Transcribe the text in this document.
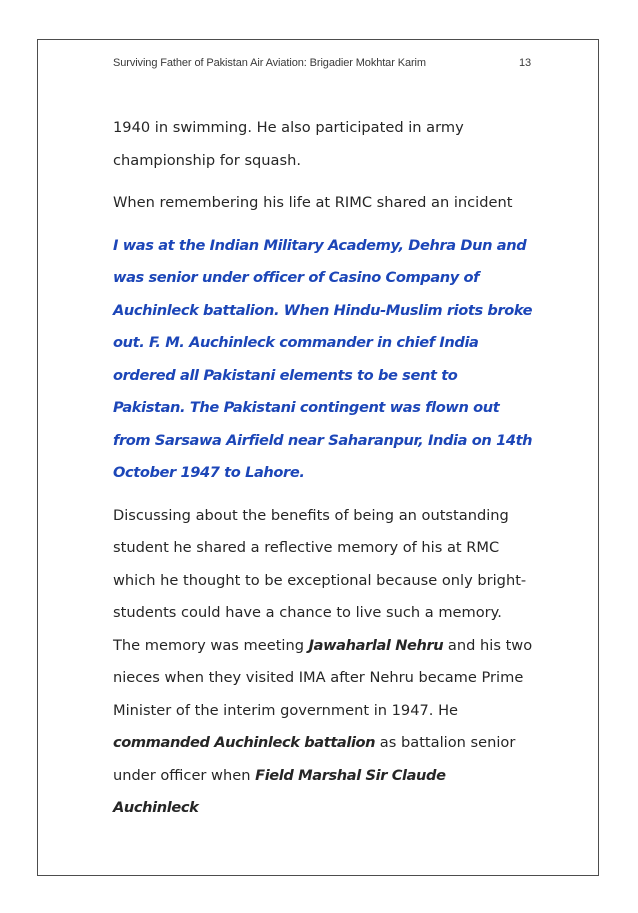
Surviving Father of Pakistan Air Aviation: Brigadier Mokhtar Karim	13

1940 in swimming. He also participated in army championship for squash.

When remembering his life at RIMC shared an incident

I was at the Indian Military Academy, Dehra Dun and was senior under officer of Casino Company of Auchinleck battalion. When Hindu-Muslim riots broke out. F. M. Auchinleck commander in chief India ordered all Pakistani elements to be sent to Pakistan. The Pakistani contingent was flown out from Sarsawa Airfield near Saharanpur, India on 14th October 1947 to Lahore.

Discussing about the benefits of being an outstanding student he shared a reflective memory of his at RMC which he thought to be exceptional because only bright-students could have a chance to live such a memory. The memory was meeting Jawaharlal Nehru and his two nieces when they visited IMA after Nehru became Prime Minister of the interim government in 1947. He commanded Auchinleck battalion as battalion senior under officer when Field Marshal Sir Claude Auchinleck
